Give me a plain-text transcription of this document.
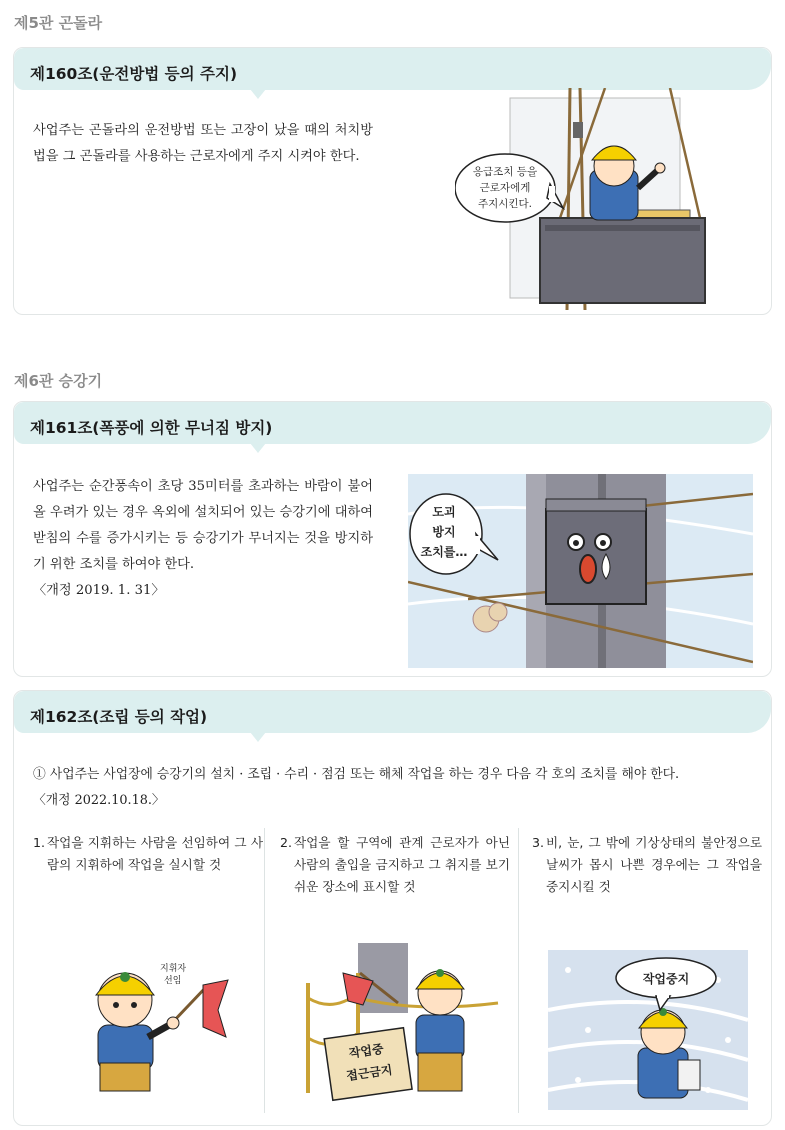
제5관 곤돌라
제160조(운전방법 등의 주지)
사업주는 곤돌라의 운전방법 또는 고장이 났을 때의 처치방법을 그 곤돌라를 사용하는 근로자에게 주지 시켜야 한다.
응급조치 등을
근로자에게
주지시킨다.
제6관 승강기
제161조(폭풍에 의한 무너짐 방지)
사업주는 순간풍속이 초당 35미터를 초과하는 바람이 불어 올 우려가 있는 경우 옥외에 설치되어 있는 승강기에 대하여 받침의 수를 증가시키는 등 승강기가 무너지는 것을 방지하기 위한 조치를 하여야 한다.
〈개정 2019. 1. 31〉
도괴
방지
조치를…
제162조(조립 등의 작업)
① 사업주는 사업장에 승강기의 설치 · 조립 · 수리 · 점검 또는 해체 작업을 하는 경우 다음 각 호의 조치를 해야 한다.
〈개정 2022.10.18.〉
1. 작업을 지휘하는 사람을 선임하여 그 사람의 지휘하에 작업을 실시할 것
2. 작업을 할 구역에 관계 근로자가 아닌 사람의 출입을 금지하고 그 취지를 보기 쉬운 장소에 표시할 것
3. 비, 눈, 그 밖에 기상상태의 불안정으로 날씨가 몹시 나쁜 경우에는 그 작업을 중지시킬 것
지휘자
선임
작업중
접근금지
작업중지
